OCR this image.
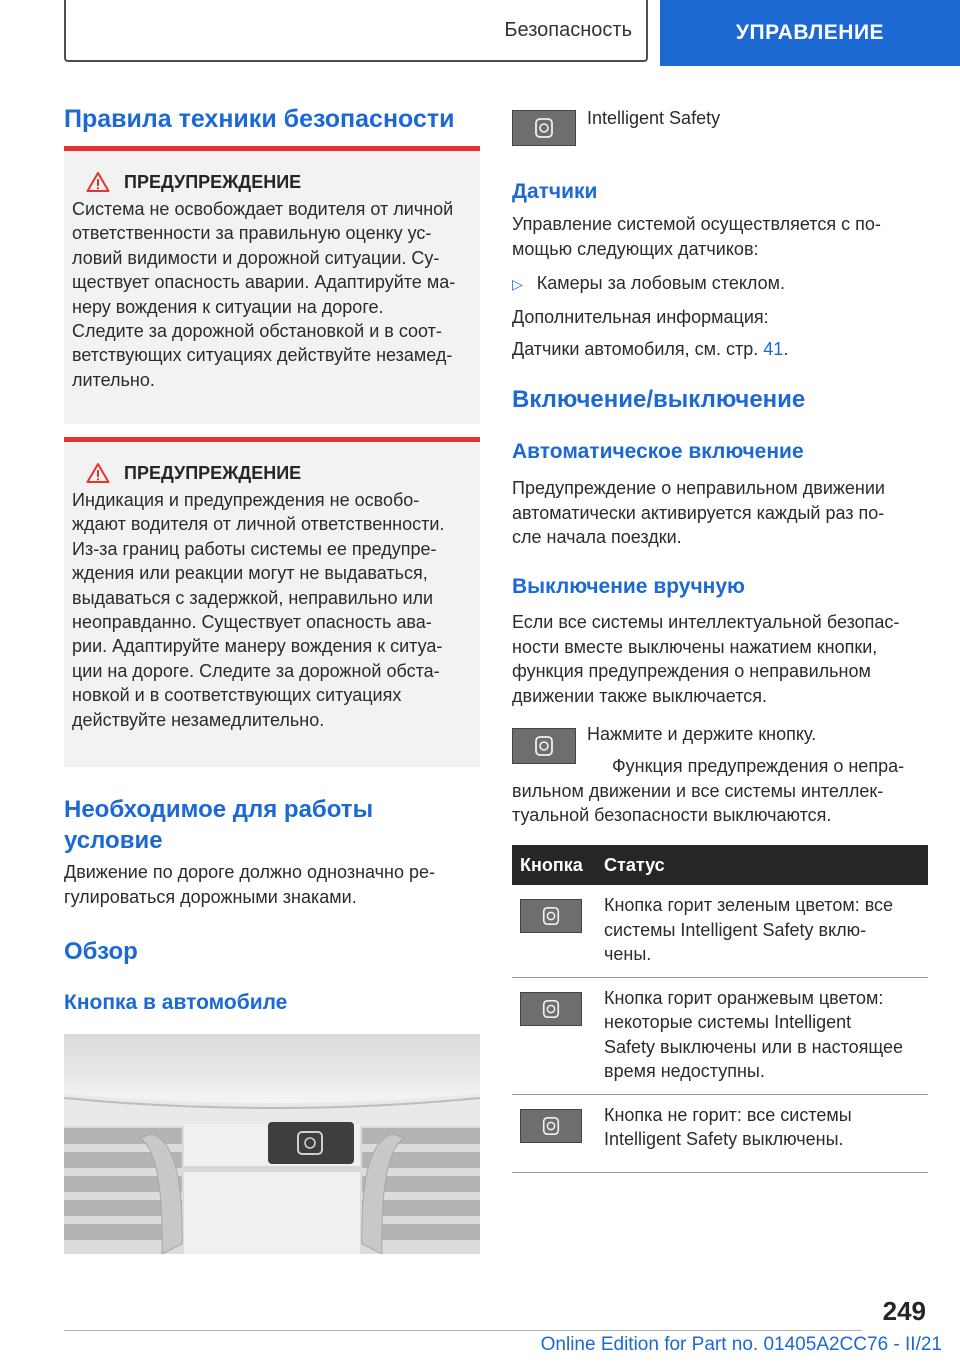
Безопасность	УПРАВЛЕНИЕ
Правила техники безопасности
ПРЕДУПРЕЖДЕНИЕ
Система не освобождает водителя от личной
ответственности за правильную оценку ус-
ловий видимости и дорожной ситуации. Су-
ществует опасность аварии. Адаптируйте ма-
неру вождения к ситуации на дороге.
Следите за дорожной обстановкой и в соот-
ветствующих ситуациях действуйте незамед-
лительно.
ПРЕДУПРЕЖДЕНИЕ
Индикация и предупреждения не освобо-
ждают водителя от личной ответственности.
Из-за границ работы системы ее предупре-
ждения или реакции могут не выдаваться,
выдаваться с задержкой, неправильно или
неоправданно. Существует опасность ава-
рии. Адаптируйте манеру вождения к ситуа-
ции на дороге. Следите за дорожной обста-
новкой и в соответствующих ситуациях
действуйте незамедлительно.
Необходимое для работы
условие
Движение по дороге должно однозначно ре-
гулироваться дорожными знаками.
Обзор
Кнопка в автомобиле
Intelligent Safety
Датчики
Управление системой осуществляется с по-
мощью следующих датчиков:
▷ Камеры за лобовым стеклом.
Дополнительная информация:
Датчики автомобиля, см. стр. 41.
Включение/выключение
Автоматическое включение
Предупреждение о неправильном движении
автоматически активируется каждый раз по-
сле начала поездки.
Выключение вручную
Если все системы интеллектуальной безопас-
ности вместе выключены нажатием кнопки,
функция предупреждения о неправильном
движении также выключается.
Нажмите и держите кнопку.
Функция предупреждения о непра-
вильном движении и все системы интеллек-
туальной безопасности выключаются.
Кнопка	Статус
Кнопка горит зеленым цветом: все
системы Intelligent Safety вклю-
чены.
Кнопка горит оранжевым цветом:
некоторые системы Intelligent
Safety выключены или в настоящее
время недоступны.
Кнопка не горит: все системы
Intelligent Safety выключены.
249
Online Edition for Part no. 01405A2CC76 - II/21
